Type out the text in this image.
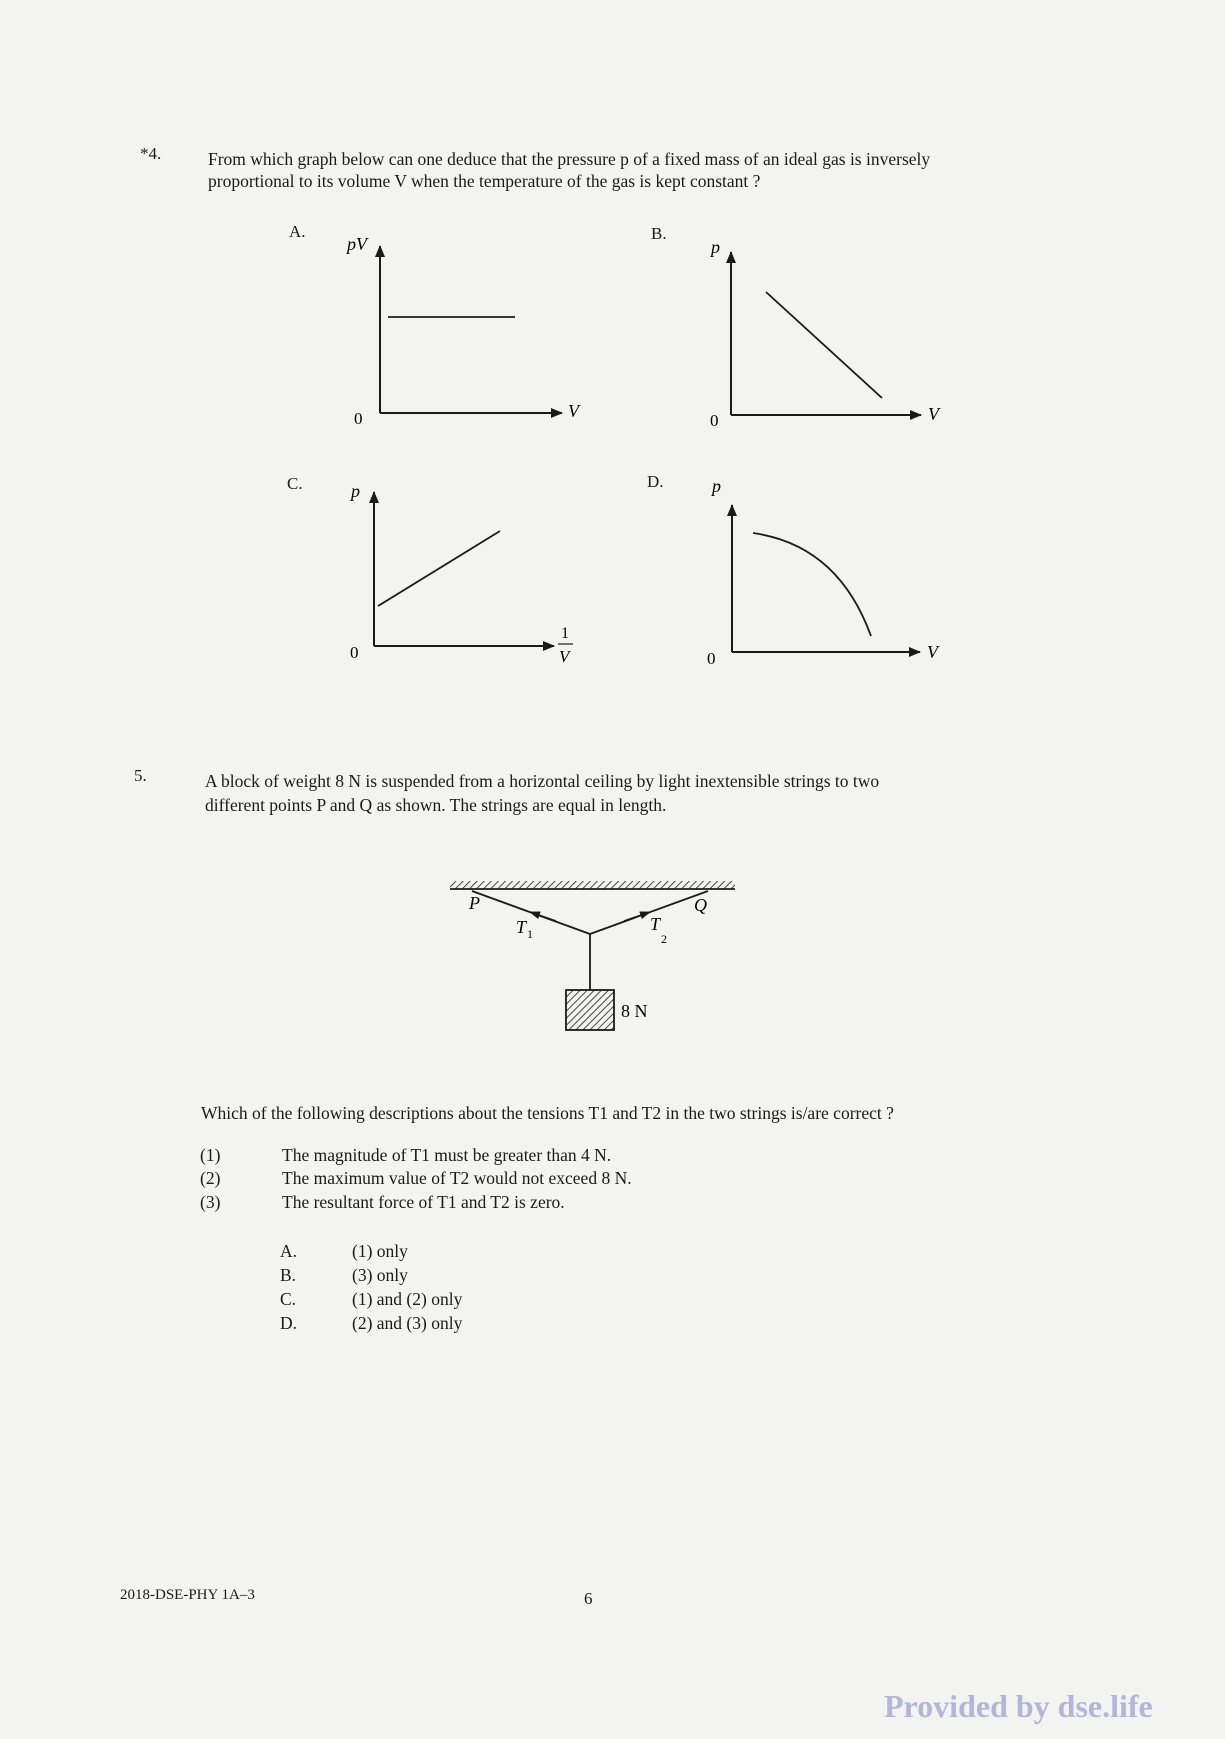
*4.	From which graph below can one deduce that the pressure p of a fixed mass of an ideal gas is inversely
proportional to its volume V when the temperature of the gas is kept constant ?
A.	B.
C.	D.
pV
V
0
p
V
0
p
1
V
0
p
V
0
5.	A block of weight 8 N is suspended from a horizontal ceiling by light inextensible strings to two
different points P and Q as shown. The strings are equal in length.
P	Q
T 1	T
2
8 N
Which of the following descriptions about the tensions T1 and T2 in the two strings is/are correct ?
(1)	The magnitude of T1 must be greater than 4 N.
(2)	The maximum value of T2 would not exceed 8 N.
(3)	The resultant force of T1 and T2 is zero.
A.	(1) only
B.	(3) only
C.	(1) and (2) only
D.	(2) and (3) only
2018-DSE-PHY 1A–3	6
Provided by dse.life
